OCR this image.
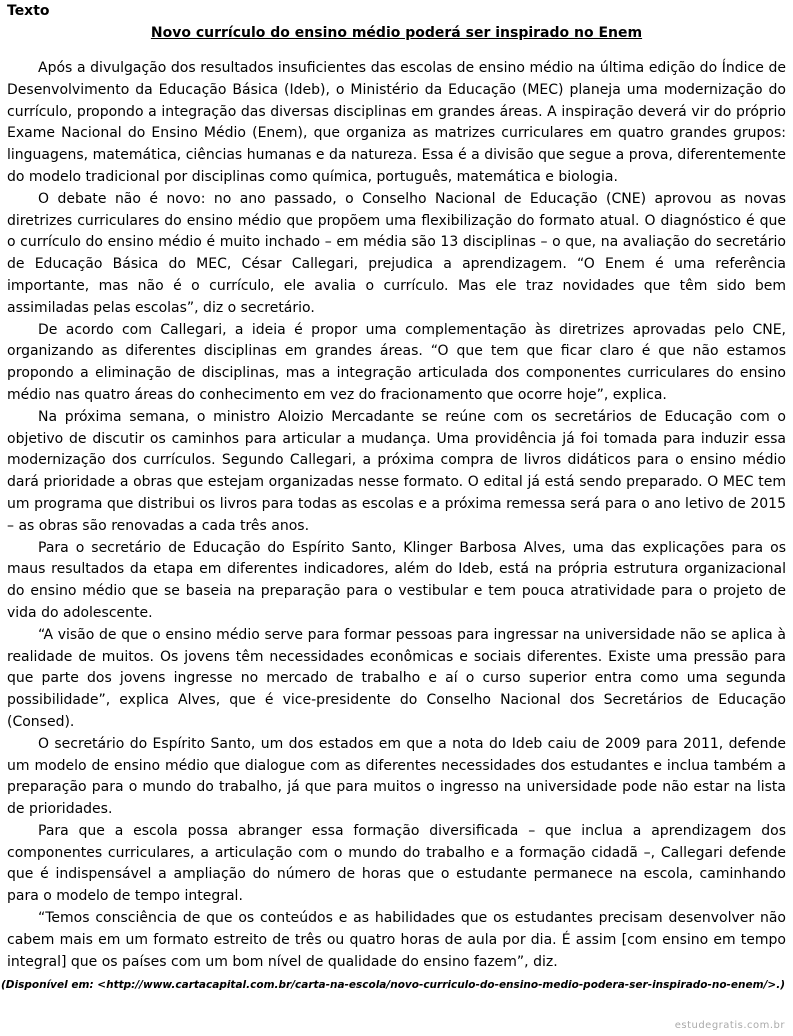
Texto
Novo currículo do ensino médio poderá ser inspirado no Enem

Após a divulgação dos resultados insuficientes das escolas de ensino médio na última edição do Índice de Desenvolvimento da Educação Básica (Ideb), o Ministério da Educação (MEC) planeja uma modernização do currículo, propondo a integração das diversas disciplinas em grandes áreas. A inspiração deverá vir do próprio Exame Nacional do Ensino Médio (Enem), que organiza as matrizes curriculares em quatro grandes grupos: linguagens, matemática, ciências humanas e da natureza. Essa é a divisão que segue a prova, diferentemente do modelo tradicional por disciplinas como química, português, matemática e biologia.

O debate não é novo: no ano passado, o Conselho Nacional de Educação (CNE) aprovou as novas diretrizes curriculares do ensino médio que propõem uma flexibilização do formato atual. O diagnóstico é que o currículo do ensino médio é muito inchado – em média são 13 disciplinas – o que, na avaliação do secretário de Educação Básica do MEC, César Callegari, prejudica a aprendizagem. “O Enem é uma referência importante, mas não é o currículo, ele avalia o currículo. Mas ele traz novidades que têm sido bem assimiladas pelas escolas”, diz o secretário.

De acordo com Callegari, a ideia é propor uma complementação às diretrizes aprovadas pelo CNE, organizando as diferentes disciplinas em grandes áreas. “O que tem que ficar claro é que não estamos propondo a eliminação de disciplinas, mas a integração articulada dos componentes curriculares do ensino médio nas quatro áreas do conhecimento em vez do fracionamento que ocorre hoje”, explica.

Na próxima semana, o ministro Aloizio Mercadante se reúne com os secretários de Educação com o objetivo de discutir os caminhos para articular a mudança. Uma providência já foi tomada para induzir essa modernização dos currículos. Segundo Callegari, a próxima compra de livros didáticos para o ensino médio dará prioridade a obras que estejam organizadas nesse formato. O edital já está sendo preparado. O MEC tem um programa que distribui os livros para todas as escolas e a próxima remessa será para o ano letivo de 2015 – as obras são renovadas a cada três anos.

Para o secretário de Educação do Espírito Santo, Klinger Barbosa Alves, uma das explicações para os maus resultados da etapa em diferentes indicadores, além do Ideb, está na própria estrutura organizacional do ensino médio que se baseia na preparação para o vestibular e tem pouca atratividade para o projeto de vida do adolescente.

“A visão de que o ensino médio serve para formar pessoas para ingressar na universidade não se aplica à realidade de muitos. Os jovens têm necessidades econômicas e sociais diferentes. Existe uma pressão para que parte dos jovens ingresse no mercado de trabalho e aí o curso superior entra como uma segunda possibilidade”, explica Alves, que é vice-presidente do Conselho Nacional dos Secretários de Educação (Consed).

O secretário do Espírito Santo, um dos estados em que a nota do Ideb caiu de 2009 para 2011, defende um modelo de ensino médio que dialogue com as diferentes necessidades dos estudantes e inclua também a preparação para o mundo do trabalho, já que para muitos o ingresso na universidade pode não estar na lista de prioridades.

Para que a escola possa abranger essa formação diversificada – que inclua a aprendizagem dos componentes curriculares, a articulação com o mundo do trabalho e a formação cidadã –, Callegari defende que é indispensável a ampliação do número de horas que o estudante permanece na escola, caminhando para o modelo de tempo integral.

“Temos consciência de que os conteúdos e as habilidades que os estudantes precisam desenvolver não cabem mais em um formato estreito de três ou quatro horas de aula por dia. É assim [com ensino em tempo integral] que os países com um bom nível de qualidade do ensino fazem”, diz.

(Disponível em: <http://www.cartacapital.com.br/carta-na-escola/novo-curriculo-do-ensino-medio-podera-ser-inspirado-no-enem/>.)
estudegratis.com.br
